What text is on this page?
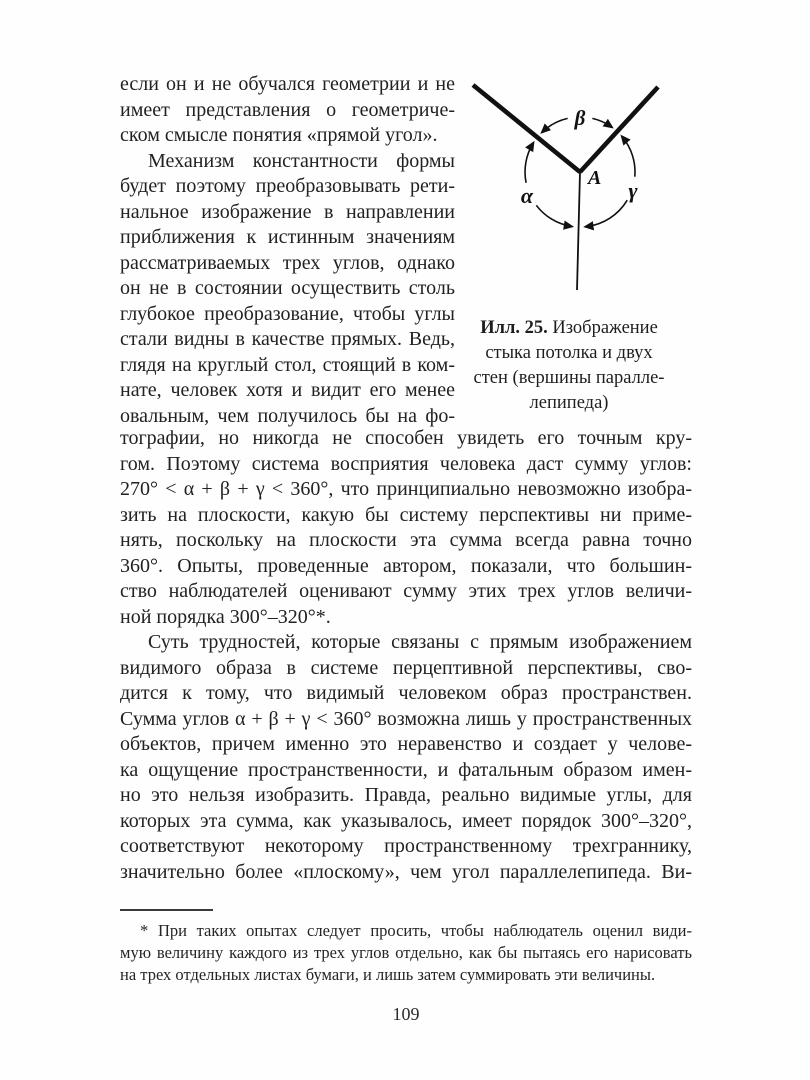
если он и не обучался геометрии и не
имеет представления о геометриче-
ском смысле понятия «прямой угол».
Механизм константности формы
будет поэтому преобразовывать рети-
нальное изображение в направлении
приближения к истинным значениям
рассматриваемых трех углов, однако
он не в состоянии осуществить столь
глубокое преобразование, чтобы углы
стали видны в качестве прямых. Ведь,
глядя на круглый стол, стоящий в ком-
нате, человек хотя и видит его менее
овальным, чем получилось бы на фо-
β
α	γ
A
Илл. 25. Изображение
стыка потолка и двух
стен (вершины паралле-
лепипеда)
тографии, но никогда не способен увидеть его точным кру-
гом. Поэтому система восприятия человека даст сумму углов:
270° < α + β + γ < 360°, что принципиально невозможно изобра-
зить на плоскости, какую бы систему перспективы ни приме-
нять, поскольку на плоскости эта сумма всегда равна точно
360°. Опыты, проведенные автором, показали, что большин-
ство наблюдателей оценивают сумму этих трех углов величи-
ной порядка 300°–320°*.
Суть трудностей, которые связаны с прямым изображением
видимого образа в системе перцептивной перспективы, сво-
дится к тому, что видимый человеком образ пространствен.
Сумма углов α + β + γ < 360° возможна лишь у пространственных
объектов, причем именно это неравенство и создает у челове-
ка ощущение пространственности, и фатальным образом имен-
но это нельзя изобразить. Правда, реально видимые углы, для
которых эта сумма, как указывалось, имеет порядок 300°–320°,
соответствуют некоторому пространственному трехграннику,
значительно более «плоскому», чем угол параллелепипеда. Ви-
* При таких опытах следует просить, чтобы наблюдатель оценил види-
мую величину каждого из трех углов отдельно, как бы пытаясь его нарисовать
на трех отдельных листах бумаги, и лишь затем суммировать эти величины.
109
